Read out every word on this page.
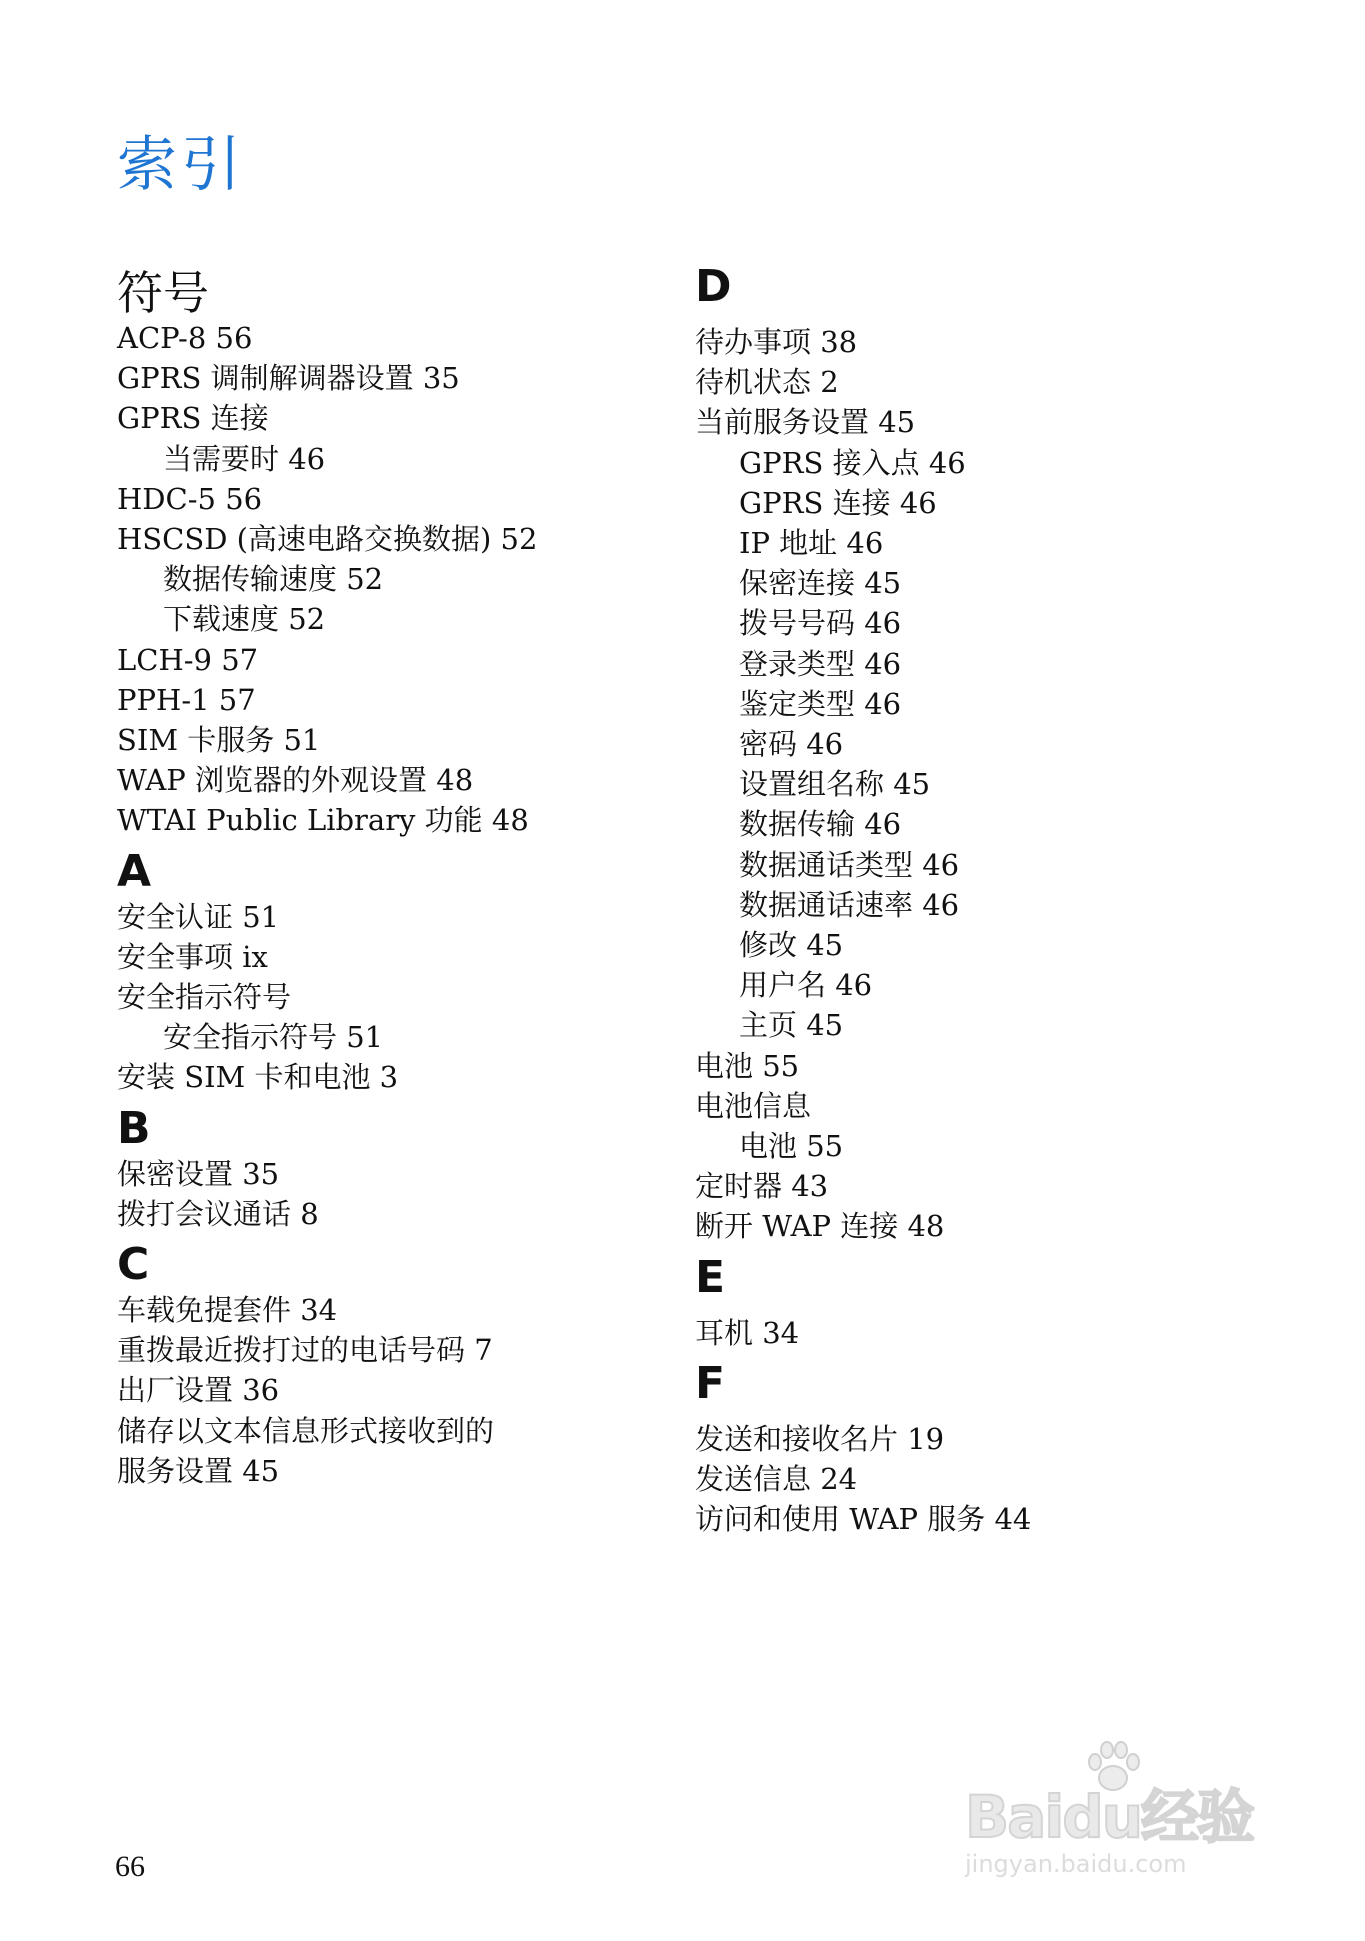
索引
符号
ACP-8 56
GPRS 调制解调器设置 35
GPRS 连接
当需要时 46
HDC-5 56
HSCSD (高速电路交换数据) 52
数据传输速度 52
下载速度 52
LCH-9 57
PPH-1 57
SIM 卡服务 51
WAP 浏览器的外观设置 48
WTAI Public Library 功能 48
A
安全认证 51
安全事项 ix
安全指示符号
安全指示符号 51
安装 SIM 卡和电池 3
B
保密设置 35
拨打会议通话 8
C
车载免提套件 34
重拨最近拨打过的电话号码 7
出厂设置 36
储存以文本信息形式接收到的
服务设置 45
D
待办事项 38
待机状态 2
当前服务设置 45
GPRS 接入点 46
GPRS 连接 46
IP 地址 46
保密连接 45
拨号号码 46
登录类型 46
鉴定类型 46
密码 46
设置组名称 45
数据传输 46
数据通话类型 46
数据通话速率 46
修改 45
用户名 46
主页 45
电池 55
电池信息
电池 55
定时器 43
断开 WAP 连接 48
E
耳机 34
F
发送和接收名片 19
发送信息 24
访问和使用 WAP 服务 44
66
Baidu经验
jingyan.baidu.com
